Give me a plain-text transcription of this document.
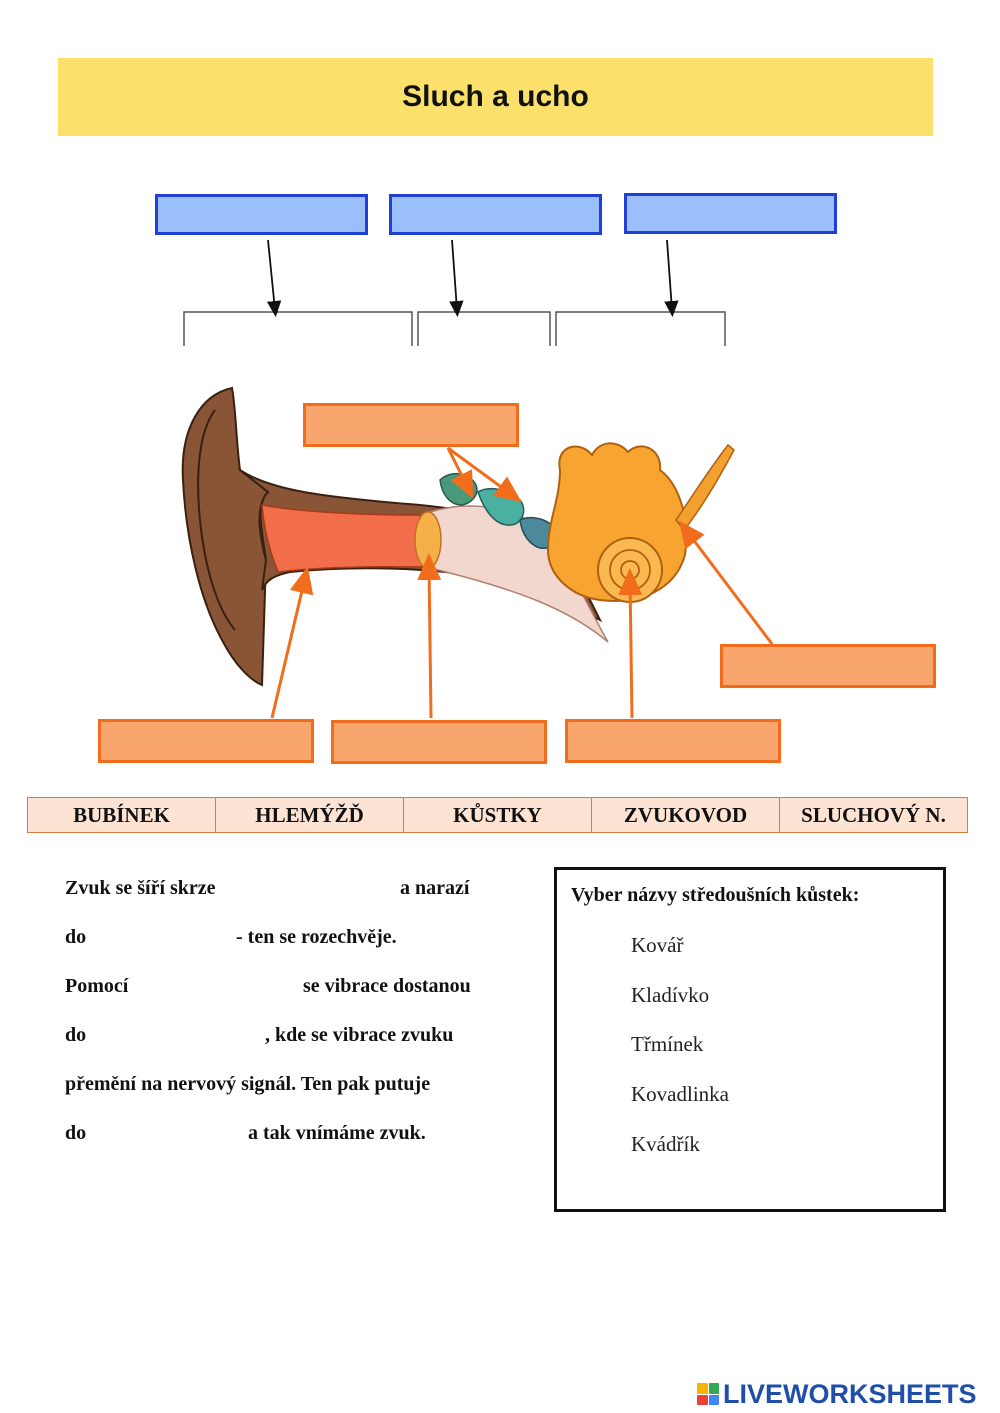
Sluch a ucho
BUBÍNEK	HLEMÝŽĎ	KŮSTKY	ZVUKOVOD	SLUCHOVÝ N.
Zvuk se šíří skrze	a narazí
do	- ten se rozechvěje.
Pomocí	se vibrace dostanou
do	, kde se vibrace zvuku
přemění na nervový signál. Ten pak putuje
do	a tak vnímáme zvuk.
Vyber názvy středoušních kůstek:
Kovář
Kladívko
Třmínek
Kovadlinka
Kvádřík
LIVEWORKSHEETS
